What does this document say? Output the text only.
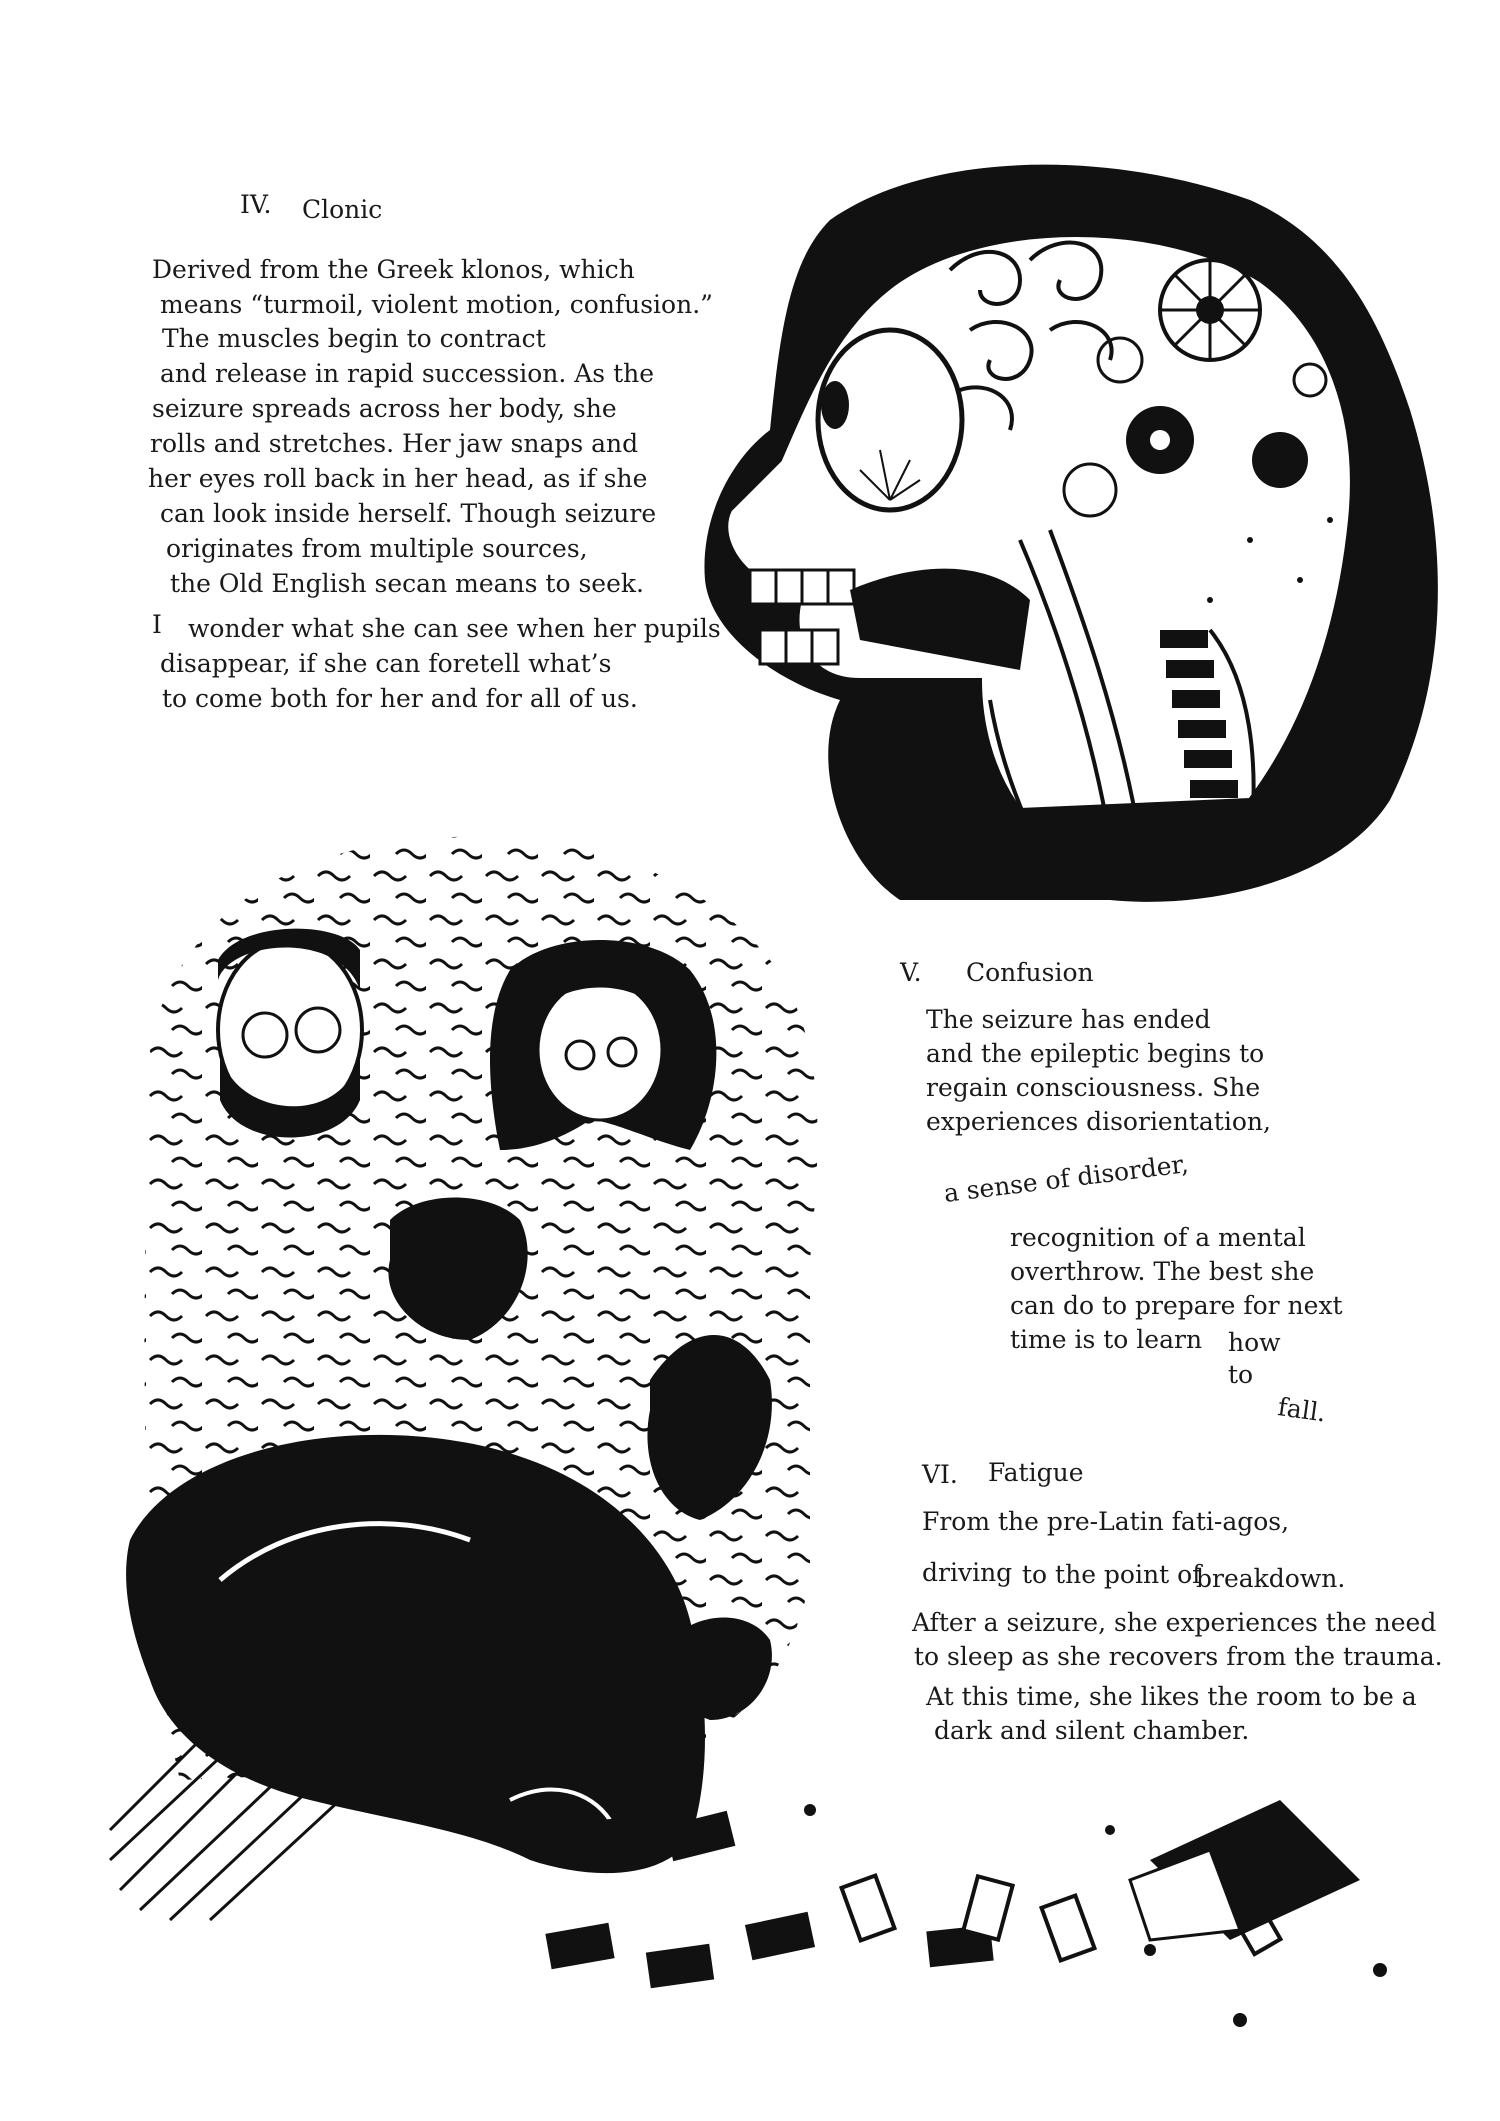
IV. Clonic
Derived from the Greek klonos, which
means “turmoil, violent motion, confusion.”
The muscles begin to contract
and release in rapid succession. As the
seizure spreads across her body, she
rolls and stretches. Her jaw snaps and
her eyes roll back in her head, as if she
can look inside herself. Though seizure
originates from multiple sources,
the Old English secan means to seek.
I wonder what she can see when her pupils
disappear, if she can foretell what’s
to come both for her and for all of us.
V. Confusion
The seizure has ended
and the epileptic begins to
regain consciousness. She
experiences disorientation,
a sense of disorder,
recognition of a mental
overthrow. The best she
can do to prepare for next
time is to learn how
to
fall.
VI. Fatigue
From the pre-Latin fati-agos,
driving to the point of
breakdown.
After a seizure, she experiences the need
to sleep as she recovers from the trauma.
At this time, she likes the room to be a
dark and silent chamber.
